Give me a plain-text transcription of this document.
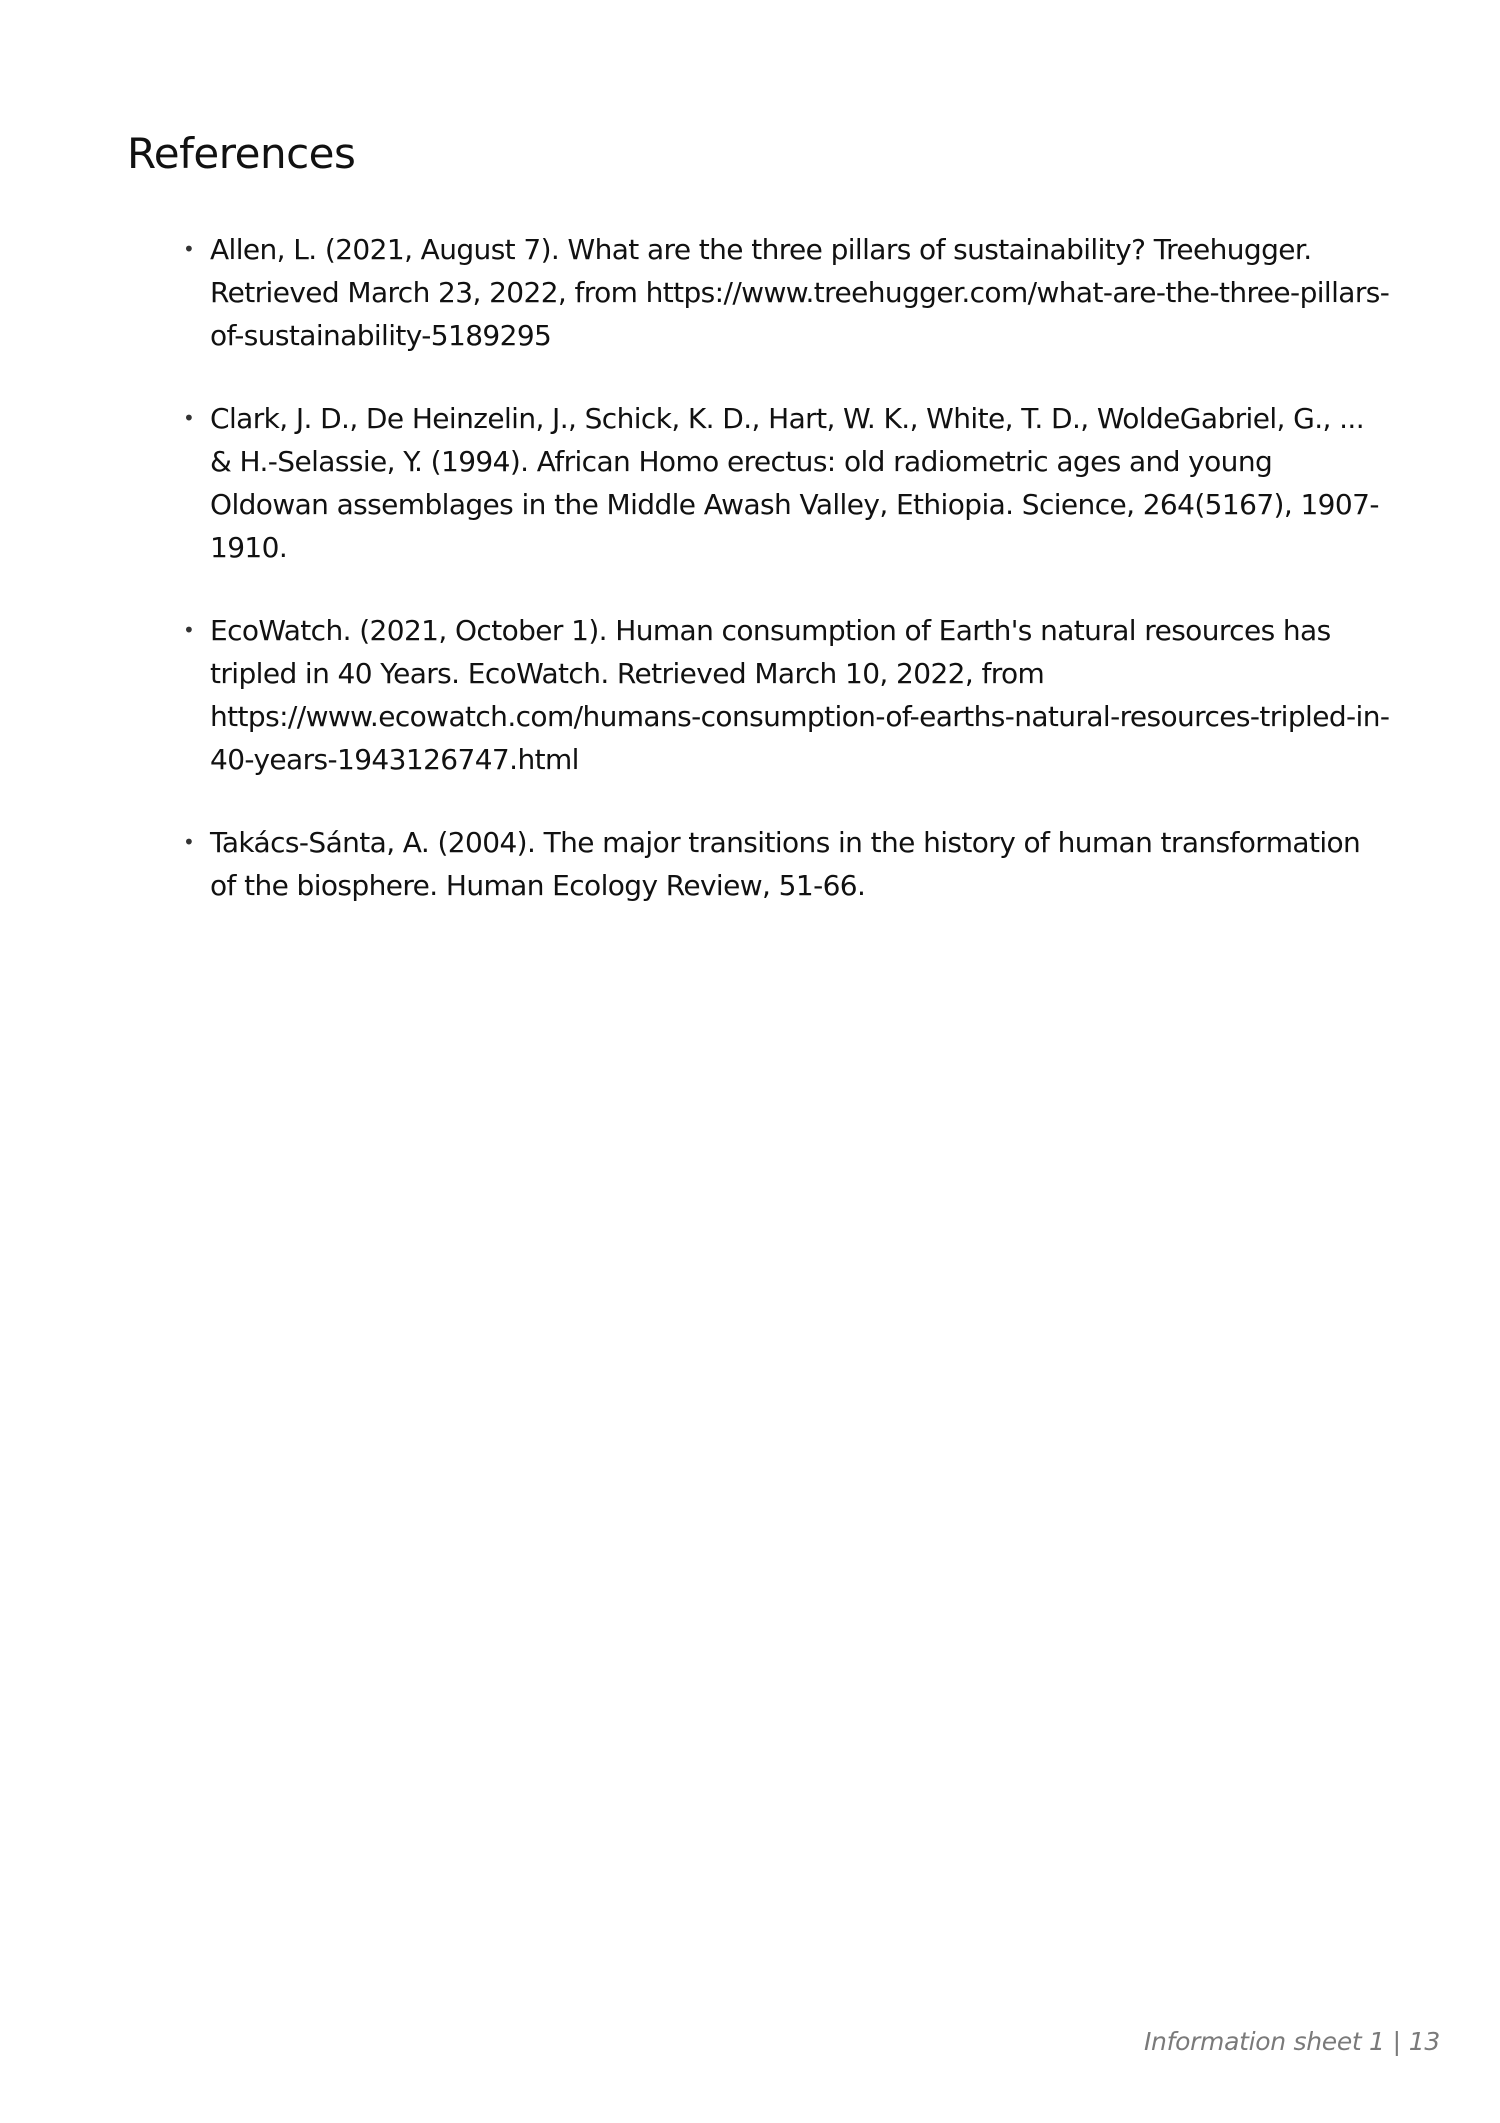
References
• Allen, L. (2021, August 7). What are the three pillars of sustainability? Treehugger. Retrieved March 23, 2022, from https://www.treehugger.com/what-are-the-three-pillars-of-sustainability-5189295
• Clark, J. D., De Heinzelin, J., Schick, K. D., Hart, W. K., White, T. D., WoldeGabriel, G., ... & H.-Selassie, Y. (1994). African Homo erectus: old radiometric ages and young Oldowan assemblages in the Middle Awash Valley, Ethiopia. Science, 264(5167), 1907-1910.
• EcoWatch. (2021, October 1). Human consumption of Earth's natural resources has tripled in 40 Years. EcoWatch. Retrieved March 10, 2022, from https://www.ecowatch.com/humans-consumption-of-earths-natural-resources-tripled-in-40-years-1943126747.html
• Takács-Sánta, A. (2004). The major transitions in the history of human transformation of the biosphere. Human Ecology Review, 51-66.
Information sheet 1 | 13
